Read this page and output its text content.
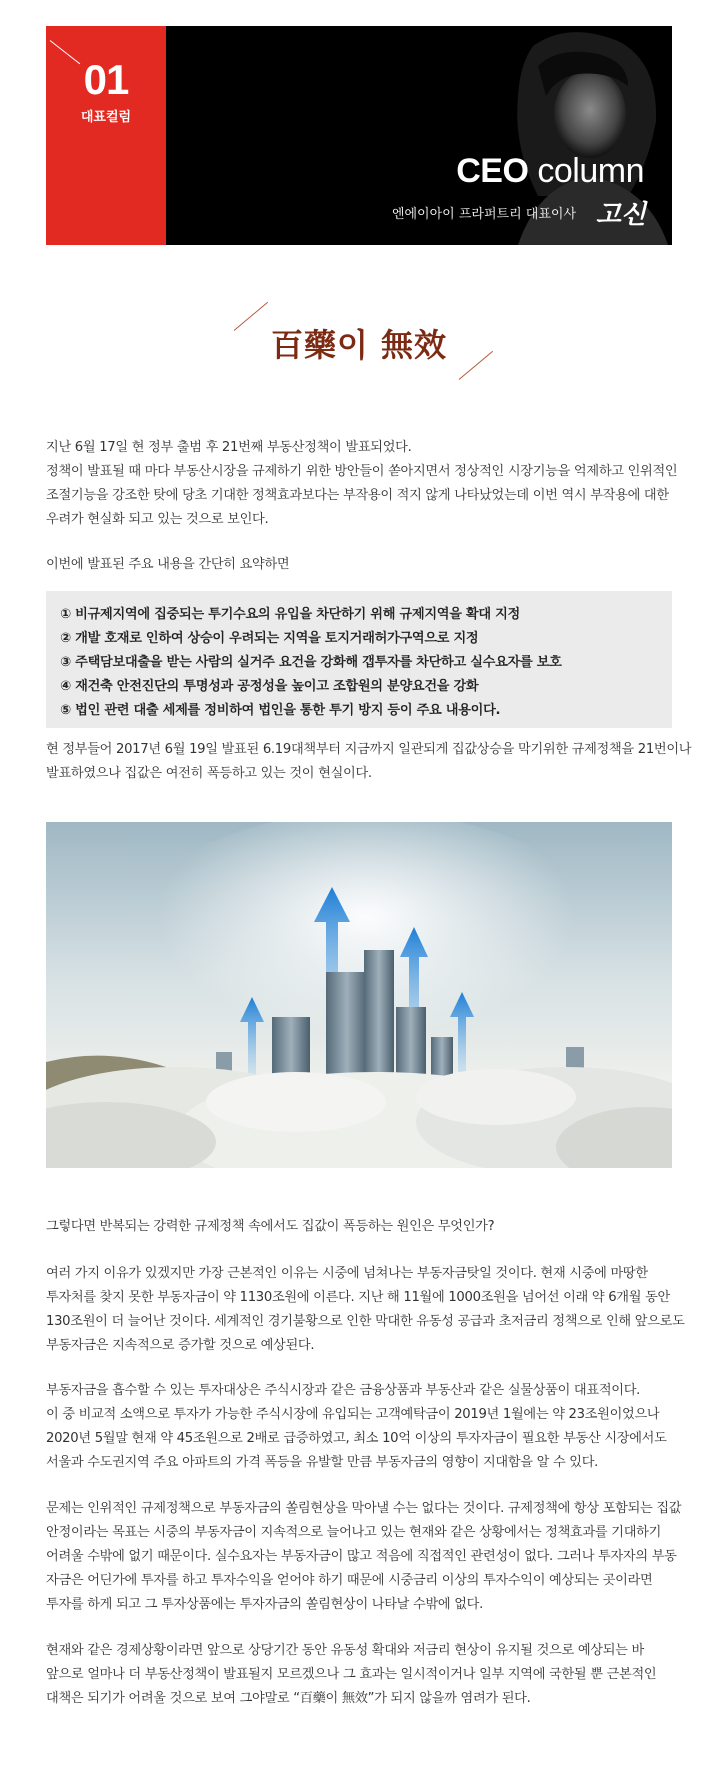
01
대표컬럼
CEO column
엔에이아이 프라퍼트리 대표이사 고신
百藥이 無效
지난 6월 17일 현 정부 출범 후 21번째 부동산정책이 발표되었다.
정책이 발표될 때 마다 부동산시장을 규제하기 위한 방안들이 쏟아지면서 정상적인 시장기능을 억제하고 인위적인
조절기능을 강조한 탓에 당초 기대한 정책효과보다는 부작용이 적지 않게 나타났었는데 이번 역시 부작용에 대한
우려가 현실화 되고 있는 것으로 보인다.
이번에 발표된 주요 내용을 간단히 요약하면
① 비규제지역에 집중되는 투기수요의 유입을 차단하기 위해 규제지역을 확대 지정
② 개발 호재로 인하여 상승이 우려되는 지역을 토지거래허가구역으로 지정
③ 주택담보대출을 받는 사람의 실거주 요건을 강화해 갭투자를 차단하고 실수요자를 보호
④ 재건축 안전진단의 투명성과 공정성을 높이고 조합원의 분양요건을 강화
⑤ 법인 관련 대출 세제를 정비하여 법인을 통한 투기 방지 등이 주요 내용이다.
현 정부들어 2017년 6월 19일 발표된 6.19대책부터 지금까지 일관되게 집값상승을 막기위한 규제정책을 21번이나
발표하였으나 집값은 여전히 폭등하고 있는 것이 현실이다.
그렇다면 반복되는 강력한 규제정책 속에서도 집값이 폭등하는 원인은 무엇인가?
여러 가지 이유가 있겠지만 가장 근본적인 이유는 시중에 넘쳐나는 부동자금탓일 것이다. 현재 시중에 마땅한
투자처를 찾지 못한 부동자금이 약 1130조원에 이른다. 지난 해 11월에 1000조원을 넘어선 이래 약 6개월 동안
130조원이 더 늘어난 것이다. 세계적인 경기불황으로 인한 막대한 유동성 공급과 초저금리 정책으로 인해 앞으로도
부동자금은 지속적으로 증가할 것으로 예상된다.
부동자금을 흡수할 수 있는 투자대상은 주식시장과 같은 금융상품과 부동산과 같은 실물상품이 대표적이다.
이 중 비교적 소액으로 투자가 가능한 주식시장에 유입되는 고객예탁금이 2019년 1월에는 약 23조원이었으나
2020년 5월말 현재 약 45조원으로 2배로 급증하였고, 최소 10억 이상의 투자자금이 필요한 부동산 시장에서도
서울과 수도권지역 주요 아파트의 가격 폭등을 유발할 만큼 부동자금의 영향이 지대함을 알 수 있다.
문제는 인위적인 규제정책으로 부동자금의 쏠림현상을 막아낼 수는 없다는 것이다. 규제정책에 항상 포함되는 집값
안정이라는 목표는 시중의 부동자금이 지속적으로 늘어나고 있는 현재와 같은 상황에서는 정책효과를 기대하기
어려울 수밖에 없기 때문이다. 실수요자는 부동자금이 많고 적음에 직접적인 관련성이 없다. 그러나 투자자의 부동
자금은 어딘가에 투자를 하고 투자수익을 얻어야 하기 때문에 시중금리 이상의 투자수익이 예상되는 곳이라면
투자를 하게 되고 그 투자상품에는 투자자금의 쏠림현상이 나타날 수밖에 없다.
현재와 같은 경제상황이라면 앞으로 상당기간 동안 유동성 확대와 저금리 현상이 유지될 것으로 예상되는 바
앞으로 얼마나 더 부동산정책이 발표될지 모르겠으나 그 효과는 일시적이거나 일부 지역에 국한될 뿐 근본적인
대책은 되기가 어려울 것으로 보여 그야말로 “百藥이 無效”가 되지 않을까 염려가 된다.
